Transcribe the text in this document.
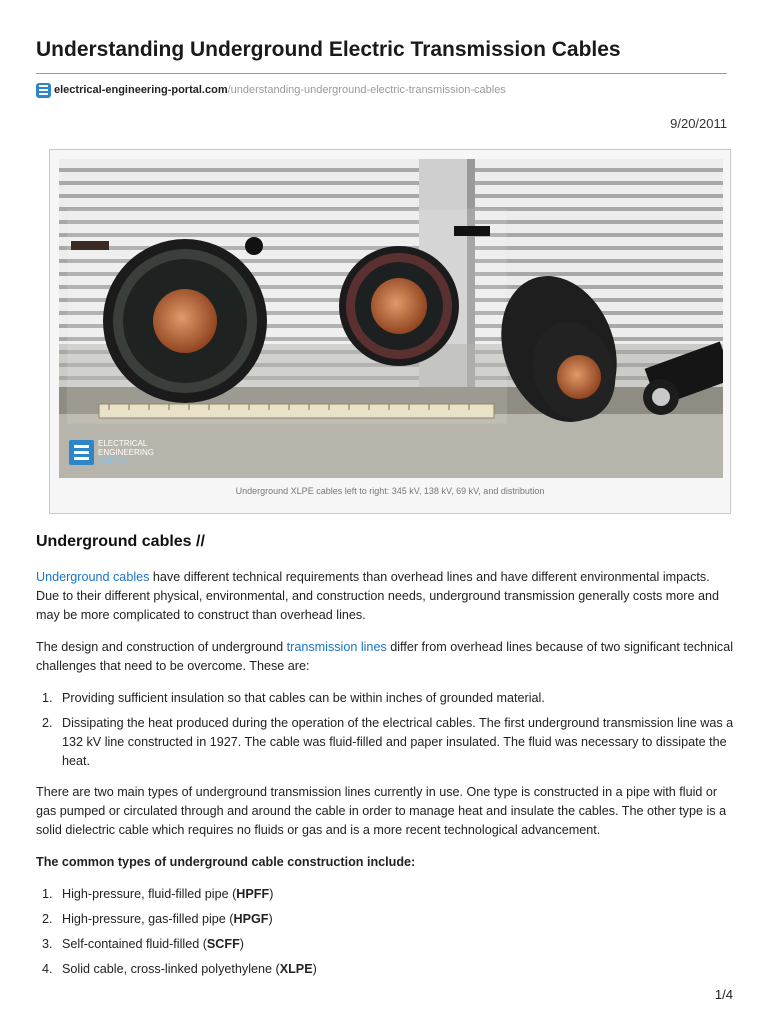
Understanding Underground Electric Transmission Cables
electrical-engineering-portal.com /understanding-underground-electric-transmission-cables
9/20/2011
ELECTRICAL
ENGINEERING
PORTAL
Underground XLPE cables left to right: 345 kV, 138 kV, 69 kV, and distribution
Underground cables //

Underground cables have different technical requirements than overhead lines and have different environmental impacts. Due to their different physical, environmental, and construction needs, underground transmission generally costs more and may be more complicated to construct than overhead lines.

The design and construction of underground transmission lines differ from overhead lines because of two significant technical challenges that need to be overcome. These are:

1. Providing sufficient insulation so that cables can be within inches of grounded material.
2. Dissipating the heat produced during the operation of the electrical cables. The first underground transmission line was a 132 kV line constructed in 1927. The cable was fluid-filled and paper insulated. The fluid was necessary to dissipate the heat.

There are two main types of underground transmission lines currently in use. One type is constructed in a pipe with fluid or gas pumped or circulated through and around the cable in order to manage heat and insulate the cables. The other type is a solid dielectric cable which requires no fluids or gas and is a more recent technological advancement.

The common types of underground cable construction include:

1. High-pressure, fluid-filled pipe (HPFF)
2. High-pressure, gas-filled pipe (HPGF)
3. Self-contained fluid-filled (SCFF)
4. Solid cable, cross-linked polyethylene (XLPE)
1/4
